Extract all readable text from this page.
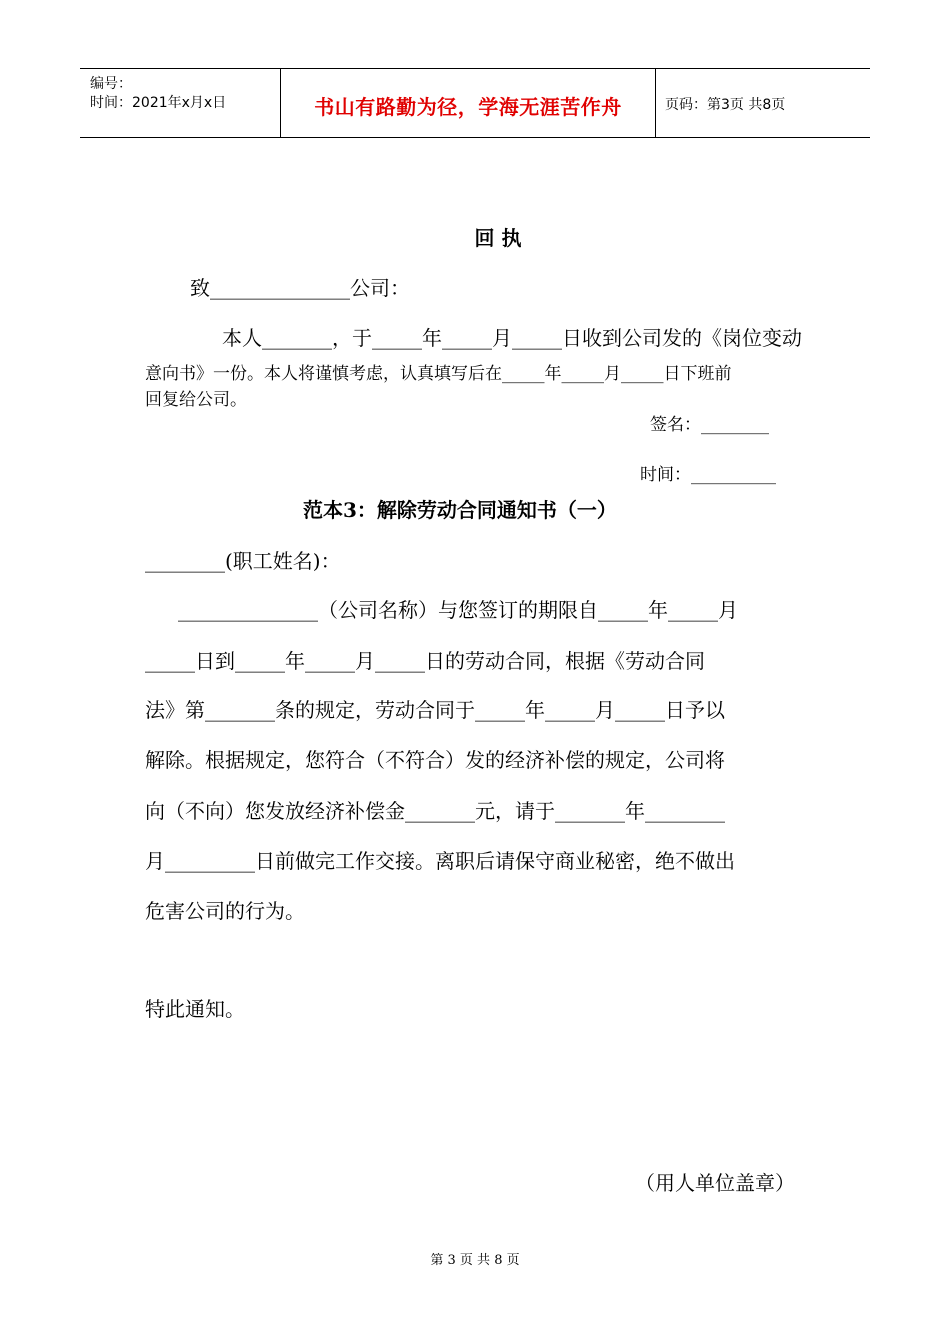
编号：
时间：2021年x月x日	书山有路勤为径，学海无涯苦作舟	页码：第3页 共8页
回 执
致______________公司：
本人_______，于_____年_____月_____日收到公司发的《岗位变动
意向书》一份。本人将谨慎考虑，认真填写后在_____年_____月_____日下班前
回复给公司。
签名：________
时间：__________
范本3：解除劳动合同通知书（一）
________(职工姓名)：
______________（公司名称）与您签订的期限自_____年_____月
_____日到_____年_____月_____日的劳动合同，根据《劳动合同
法》第_______条的规定，劳动合同于_____年_____月_____日予以
解除。根据规定，您符合（不符合）发的经济补偿的规定，公司将
向（不向）您发放经济补偿金_______元，请于_______年________
月_________日前做完工作交接。离职后请保守商业秘密，绝不做出
危害公司的行为。
特此通知。
（用人单位盖章）
第 3 页 共 8 页
